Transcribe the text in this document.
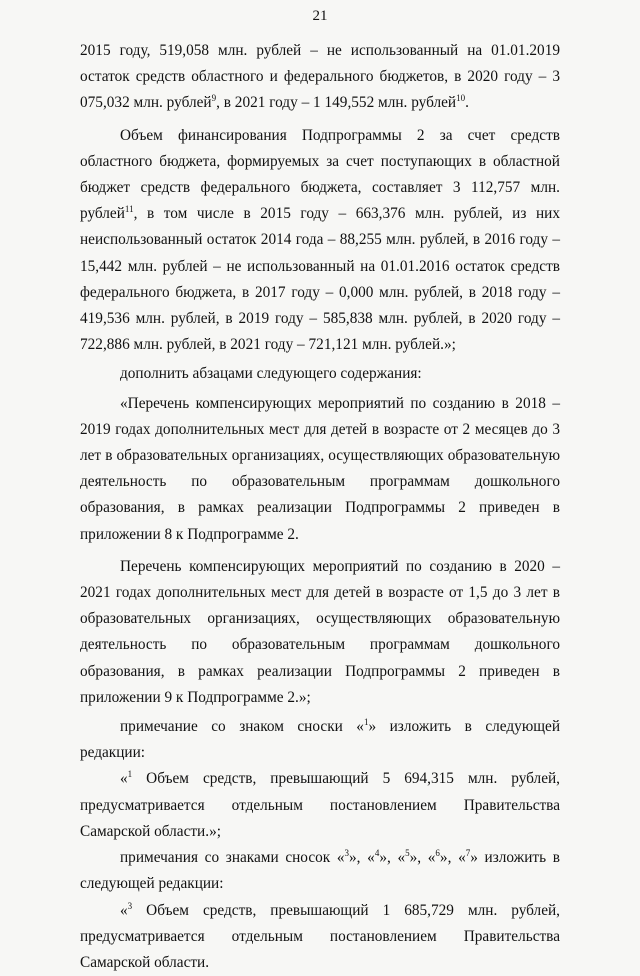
21

2015 году, 519,058 млн. рублей – не использованный на 01.01.2019 остаток средств областного и федерального бюджетов, в 2020 году – 3 075,032 млн. рублей$^9$, в 2021 году – 1 149,552 млн. рублей$^{10}$.

Объем финансирования Подпрограммы 2 за счет средств областного бюджета, формируемых за счет поступающих в областной бюджет средств федерального бюджета, составляет 3 112,757 млн. рублей$^{11}$, в том числе в 2015 году – 663,376 млн. рублей, из них неиспользованный остаток 2014 года – 88,255 млн. рублей, в 2016 году – 15,442 млн. рублей – не использованный на 01.01.2016 остаток средств федерального бюджета, в 2017 году – 0,000 млн. рублей, в 2018 году – 419,536 млн. рублей, в 2019 году – 585,838 млн. рублей, в 2020 году – 722,886 млн. рублей, в 2021 году – 721,121 млн. рублей.»;

дополнить абзацами следующего содержания:

«Перечень компенсирующих мероприятий по созданию в 2018 – 2019 годах дополнительных мест для детей в возрасте от 2 месяцев до 3 лет в образовательных организациях, осуществляющих образовательную деятельность по образовательным программам дошкольного образования, в рамках реализации Подпрограммы 2 приведен в приложении 8 к Подпрограмме 2.

Перечень компенсирующих мероприятий по созданию в 2020 – 2021 годах дополнительных мест для детей в возрасте от 1,5 до 3 лет в образовательных организациях, осуществляющих образовательную деятельность по образовательным программам дошкольного образования, в рамках реализации Подпрограммы 2 приведен в приложении 9 к Подпрограмме 2.»;

примечание со знаком сноски «$^1$» изложить в следующей редакции:

«$^1$ Объем средств, превышающий 5 694,315 млн. рублей, предусматривается отдельным постановлением Правительства Самарской области.»;

примечания со знаками сносок «$^3$», «$^4$», «$^5$», «$^6$», «$^7$» изложить в следующей редакции:

«$^3$ Объем средств, превышающий 1 685,729 млн. рублей, предусматривается отдельным постановлением Правительства Самарской области.
